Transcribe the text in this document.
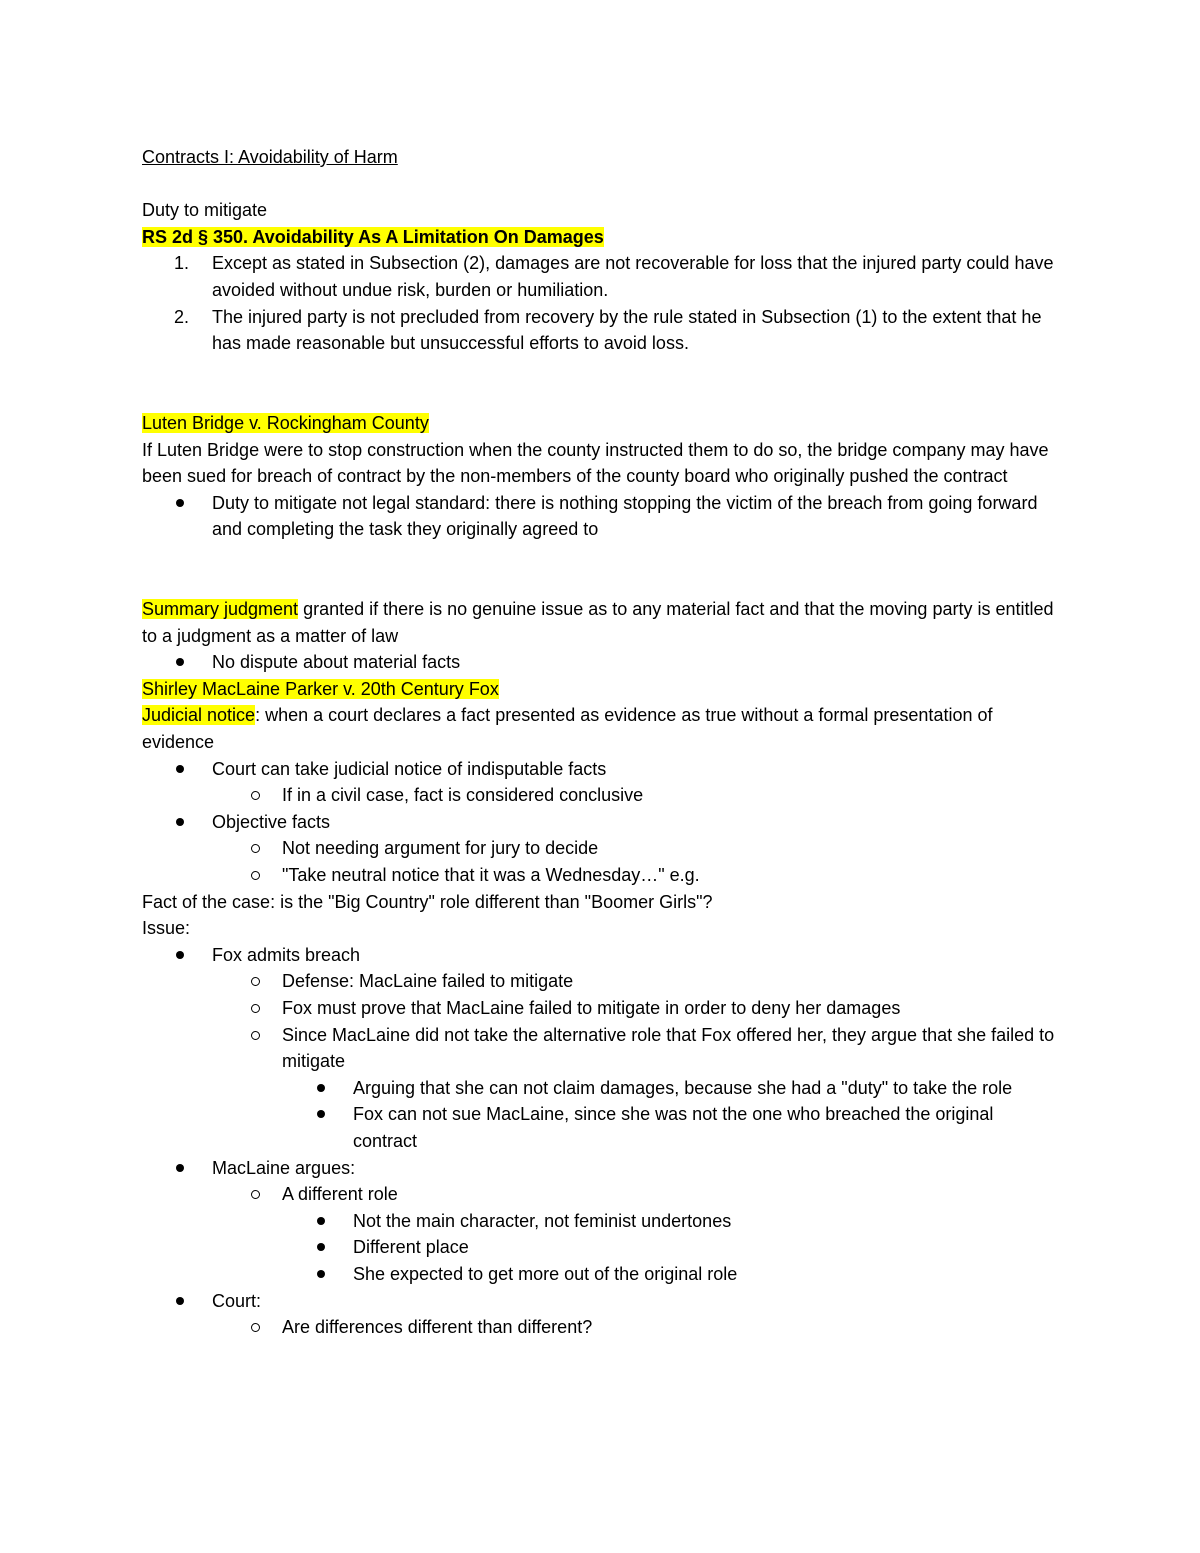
Contracts I: Avoidability of Harm

Duty to mitigate

RS 2d § 350. Avoidability As A Limitation On Damages

1. Except as stated in Subsection (2), damages are not recoverable for loss that the injured party could have avoided without undue risk, burden or humiliation.
2. The injured party is not precluded from recovery by the rule stated in Subsection (1) to the extent that he has made reasonable but unsuccessful efforts to avoid loss.

Luten Bridge v. Rockingham County

If Luten Bridge were to stop construction when the county instructed them to do so, the bridge company may have been sued for breach of contract by the non-members of the county board who originally pushed the contract

Duty to mitigate not legal standard: there is nothing stopping the victim of the breach from going forward and completing the task they originally agreed to

Summary judgment granted if there is no genuine issue as to any material fact and that the moving party is entitled to a judgment as a matter of law

No dispute about material facts

Shirley MacLaine Parker v. 20th Century Fox

Judicial notice: when a court declares a fact presented as evidence as true without a formal presentation of evidence

Court can take judicial notice of indisputable facts
If in a civil case, fact is considered conclusive
Objective facts
Not needing argument for jury to decide
"Take neutral notice that it was a Wednesday…" e.g.

Fact of the case: is the "Big Country" role different than "Boomer Girls"?

Issue:

Fox admits breach
Defense: MacLaine failed to mitigate
Fox must prove that MacLaine failed to mitigate in order to deny her damages
Since MacLaine did not take the alternative role that Fox offered her, they argue that she failed to mitigate
Arguing that she can not claim damages, because she had a "duty" to take the role
Fox can not sue MacLaine, since she was not the one who breached the original contract
MacLaine argues:
A different role
Not the main character, not feminist undertones
Different place
She expected to get more out of the original role
Court:
Are differences different than different?
